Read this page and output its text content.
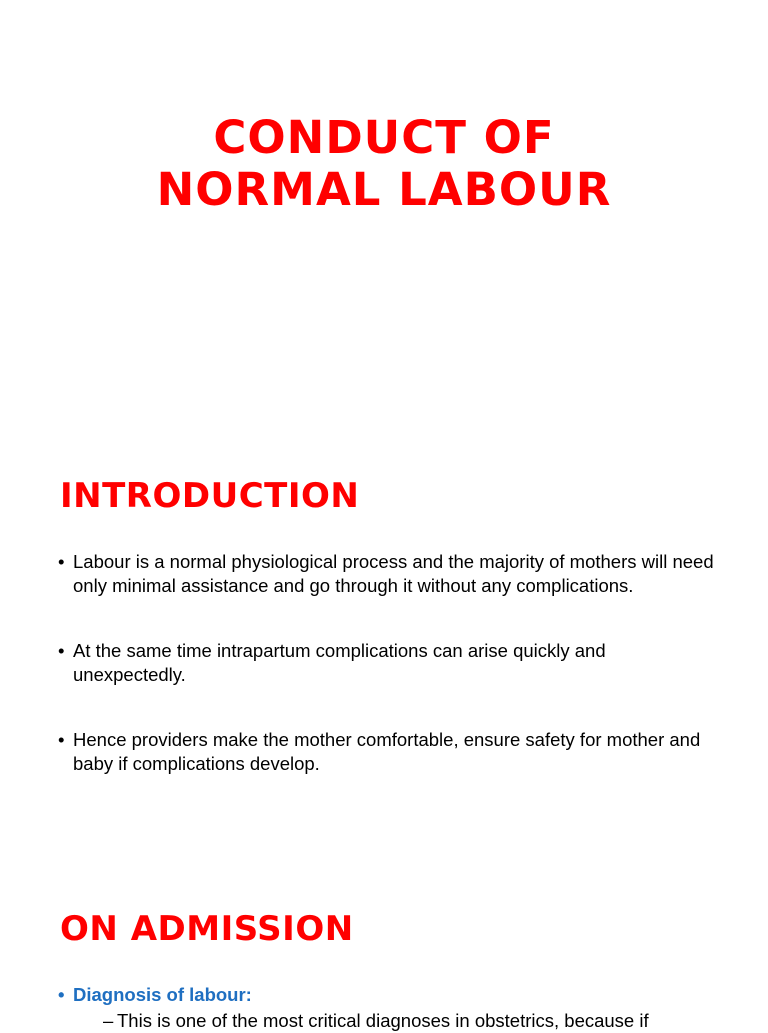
CONDUCT OF
NORMAL LABOUR
INTRODUCTION
• Labour is a normal physiological process and the majority of mothers will need only minimal assistance and go through it without any complications.
• At the same time intrapartum complications can arise quickly and unexpectedly.
• Hence providers make the mother comfortable, ensure safety for mother and baby if complications develop.
ON ADMISSION
• Diagnosis of labour:
– This is one of the most critical diagnoses in obstetrics, because if
